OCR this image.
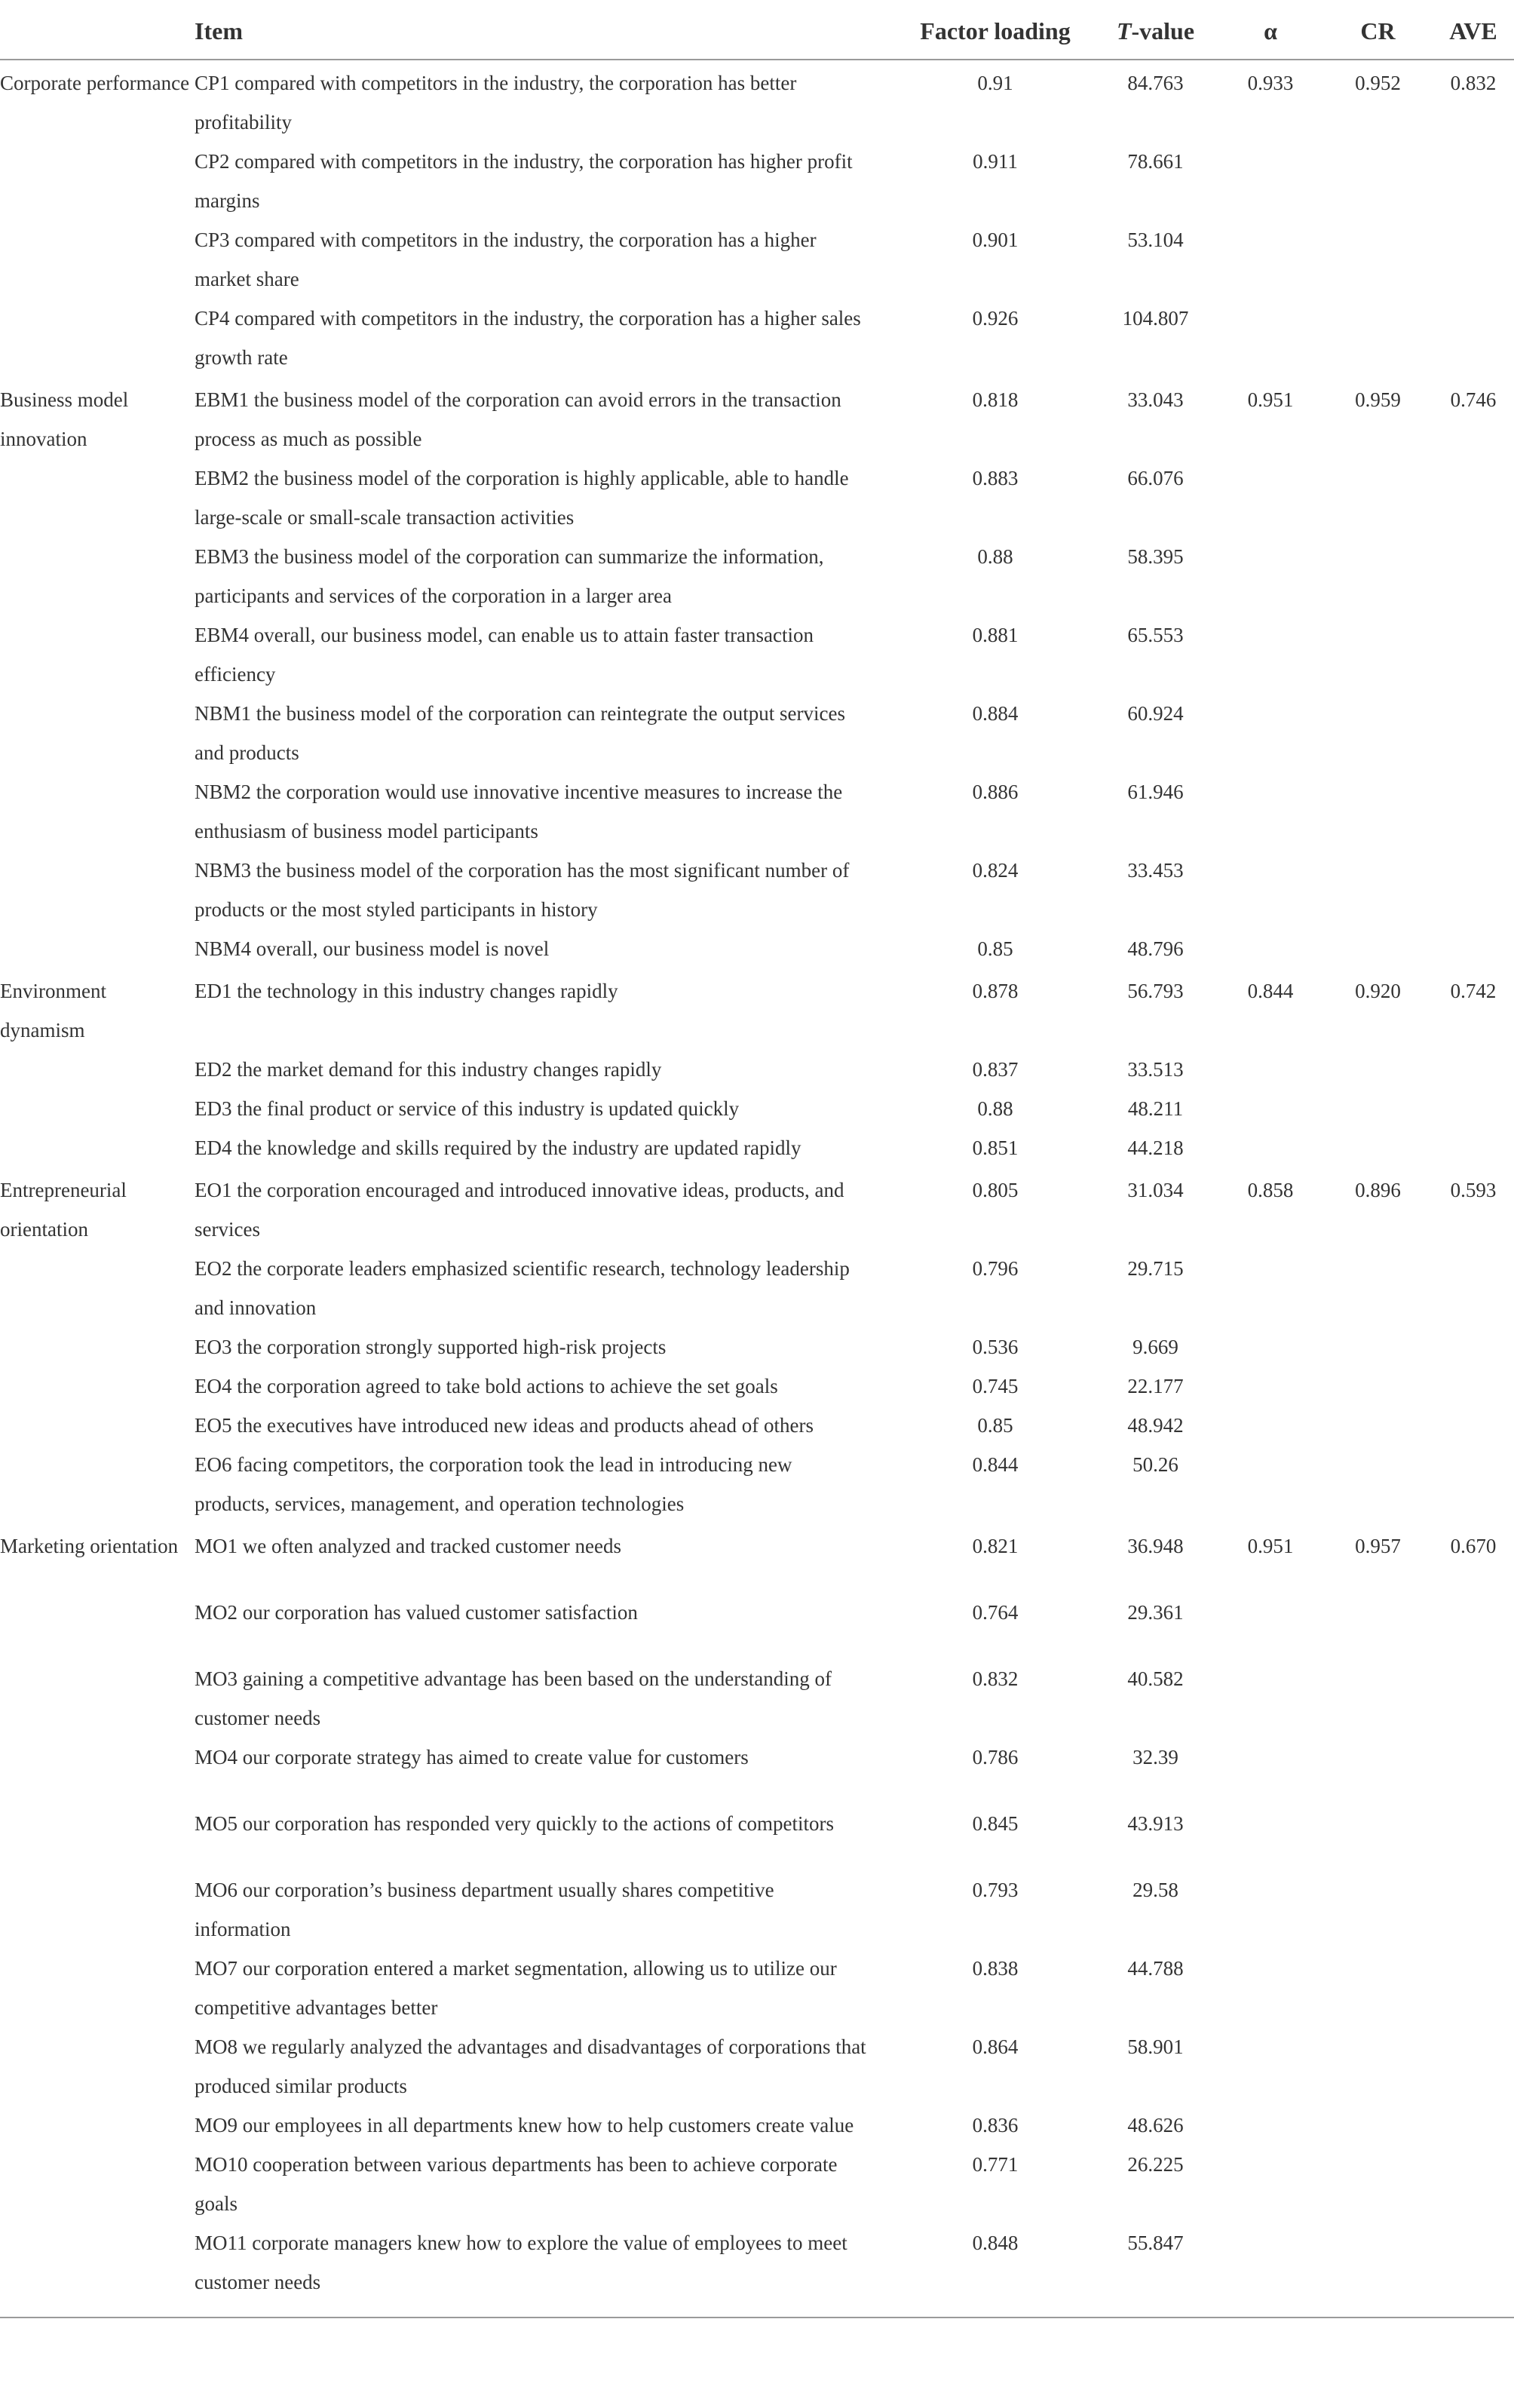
	Item	Factor loading	T-value	α	CR	AVE
Corporate performance	CP1 compared with competitors in the industry, the corporation has better profitability	0.91	84.763	0.933	0.952	0.832
	CP2 compared with competitors in the industry, the corporation has higher profit margins	0.911	78.661			
	CP3 compared with competitors in the industry, the corporation has a higher market share	0.901	53.104			
	CP4 compared with competitors in the industry, the corporation has a higher sales growth rate	0.926	104.807			
Business model innovation	EBM1 the business model of the corporation can avoid errors in the transaction process as much as possible	0.818	33.043	0.951	0.959	0.746
	EBM2 the business model of the corporation is highly applicable, able to handle large-scale or small-scale transaction activities	0.883	66.076			
	EBM3 the business model of the corporation can summarize the information, participants and services of the corporation in a larger area	0.88	58.395			
	EBM4 overall, our business model, can enable us to attain faster transaction efficiency	0.881	65.553			
	NBM1 the business model of the corporation can reintegrate the output services and products	0.884	60.924			
	NBM2 the corporation would use innovative incentive measures to increase the enthusiasm of business model participants	0.886	61.946			
	NBM3 the business model of the corporation has the most significant number of products or the most styled participants in history	0.824	33.453			
	NBM4 overall, our business model is novel	0.85	48.796			
Environment dynamism	ED1 the technology in this industry changes rapidly	0.878	56.793	0.844	0.920	0.742
	ED2 the market demand for this industry changes rapidly	0.837	33.513			
	ED3 the final product or service of this industry is updated quickly	0.88	48.211			
	ED4 the knowledge and skills required by the industry are updated rapidly	0.851	44.218			
Entrepreneurial orientation	EO1 the corporation encouraged and introduced innovative ideas, products, and services	0.805	31.034	0.858	0.896	0.593
	EO2 the corporate leaders emphasized scientific research, technology leadership and innovation	0.796	29.715			
	EO3 the corporation strongly supported high-risk projects	0.536	9.669			
	EO4 the corporation agreed to take bold actions to achieve the set goals	0.745	22.177			
	EO5 the executives have introduced new ideas and products ahead of others	0.85	48.942			
	EO6 facing competitors, the corporation took the lead in introducing new products, services, management, and operation technologies	0.844	50.26			
Marketing orientation	MO1 we often analyzed and tracked customer needs	0.821	36.948	0.951	0.957	0.670
	MO2 our corporation has valued customer satisfaction	0.764	29.361			
	MO3 gaining a competitive advantage has been based on the understanding of customer needs	0.832	40.582			
	MO4 our corporate strategy has aimed to create value for customers	0.786	32.39			
	MO5 our corporation has responded very quickly to the actions of competitors	0.845	43.913			
	MO6 our corporation’s business department usually shares competitive information	0.793	29.58			
	MO7 our corporation entered a market segmentation, allowing us to utilize our competitive advantages better	0.838	44.788			
	MO8 we regularly analyzed the advantages and disadvantages of corporations that produced similar products	0.864	58.901			
	MO9 our employees in all departments knew how to help customers create value	0.836	48.626			
	MO10 cooperation between various departments has been to achieve corporate goals	0.771	26.225			
	MO11 corporate managers knew how to explore the value of employees to meet customer needs	0.848	55.847			
